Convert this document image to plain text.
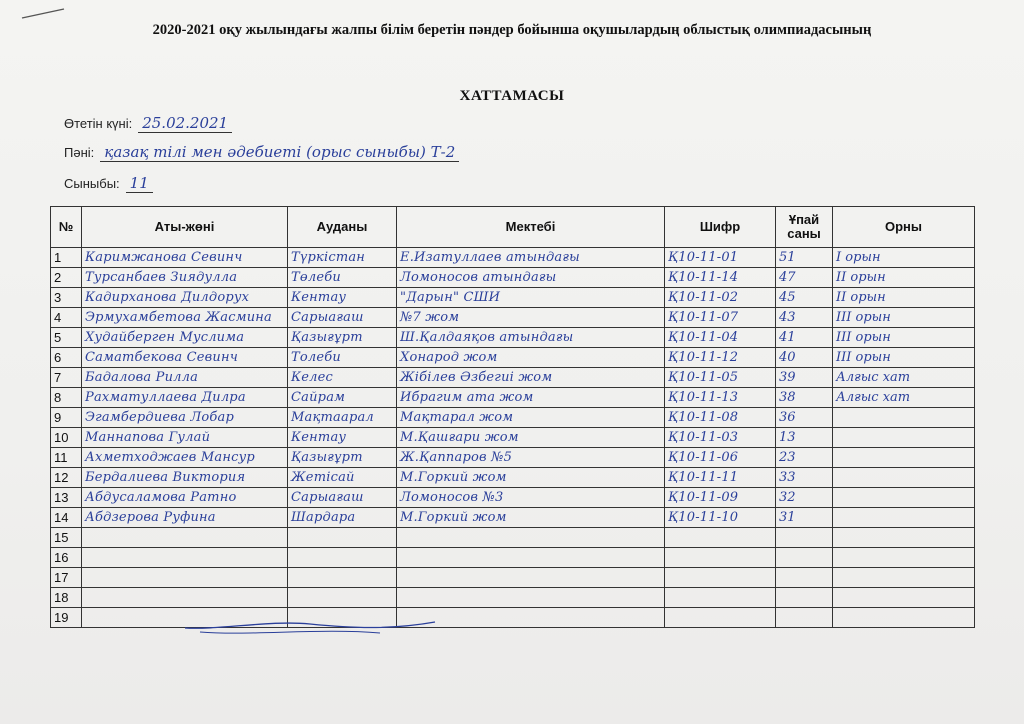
2020-2021 оқу жылындағы жалпы білім беретін пәндер бойынша оқушылардың облыстық олимпиадасының
ХАТТАМАСЫ
Өтетін күні: 25.02.2021
Пәні: қазақ тілі мен әдебиеті (орыс сыныбы) Т-2
Сыныбы: 11
№	Аты-жөні	Ауданы	Мектебі	Шифр	Ұпай саны	Орны
1	Каримжанова Севинч	Түркістан	Е.Изатуллаев атындағы	Қ10-11-01	51	I орын
2	Турсанбаев Зиядулла	Төлеби	Ломоносов атындағы	Қ10-11-14	47	II орын
3	Кадирханова Дилдорух	Кентау	"Дарын" СШИ	Қ10-11-02	45	II орын
4	Эрмухамбетова Жасмина	Сарыағаш	№7 жом	Қ10-11-07	43	III орын
5	Худайберген Муслима	Қазығұрт	Ш.Қалдаяқов атындағы	Қ10-11-04	41	III орын
6	Саматбекова Севинч	Толеби	Хонарод жом	Қ10-11-12	40	III орын
7	Бадалова Рилла	Келес	Жібілев Әзбегиі жом	Қ10-11-05	39	Алғыс хат
8	Рахматуллаева Дилра	Сайрам	Ибрагим ата жом	Қ10-11-13	38	Алғыс хат
9	Эгамбердиева Лобар	Мақтаарал	Мақтарал жом	Қ10-11-08	36	
10	Маннапова Гулай	Кентау	М.Қашғари жом	Қ10-11-03	13	
11	Ахметходжаев Мансур	Қазығұрт	Ж.Қаппаров №5	Қ10-11-06	23	
12	Бердалиева Виктория	Жетісай	М.Горкий жом	Қ10-11-11	33	
13	Абдусаламова Ратно	Сарыағаш	Ломоносов №3	Қ10-11-09	32	
14	Абдзерова Руфина	Шардара	М.Горкий жом	Қ10-11-10	31	
15						
16						
17						
18						
19						
